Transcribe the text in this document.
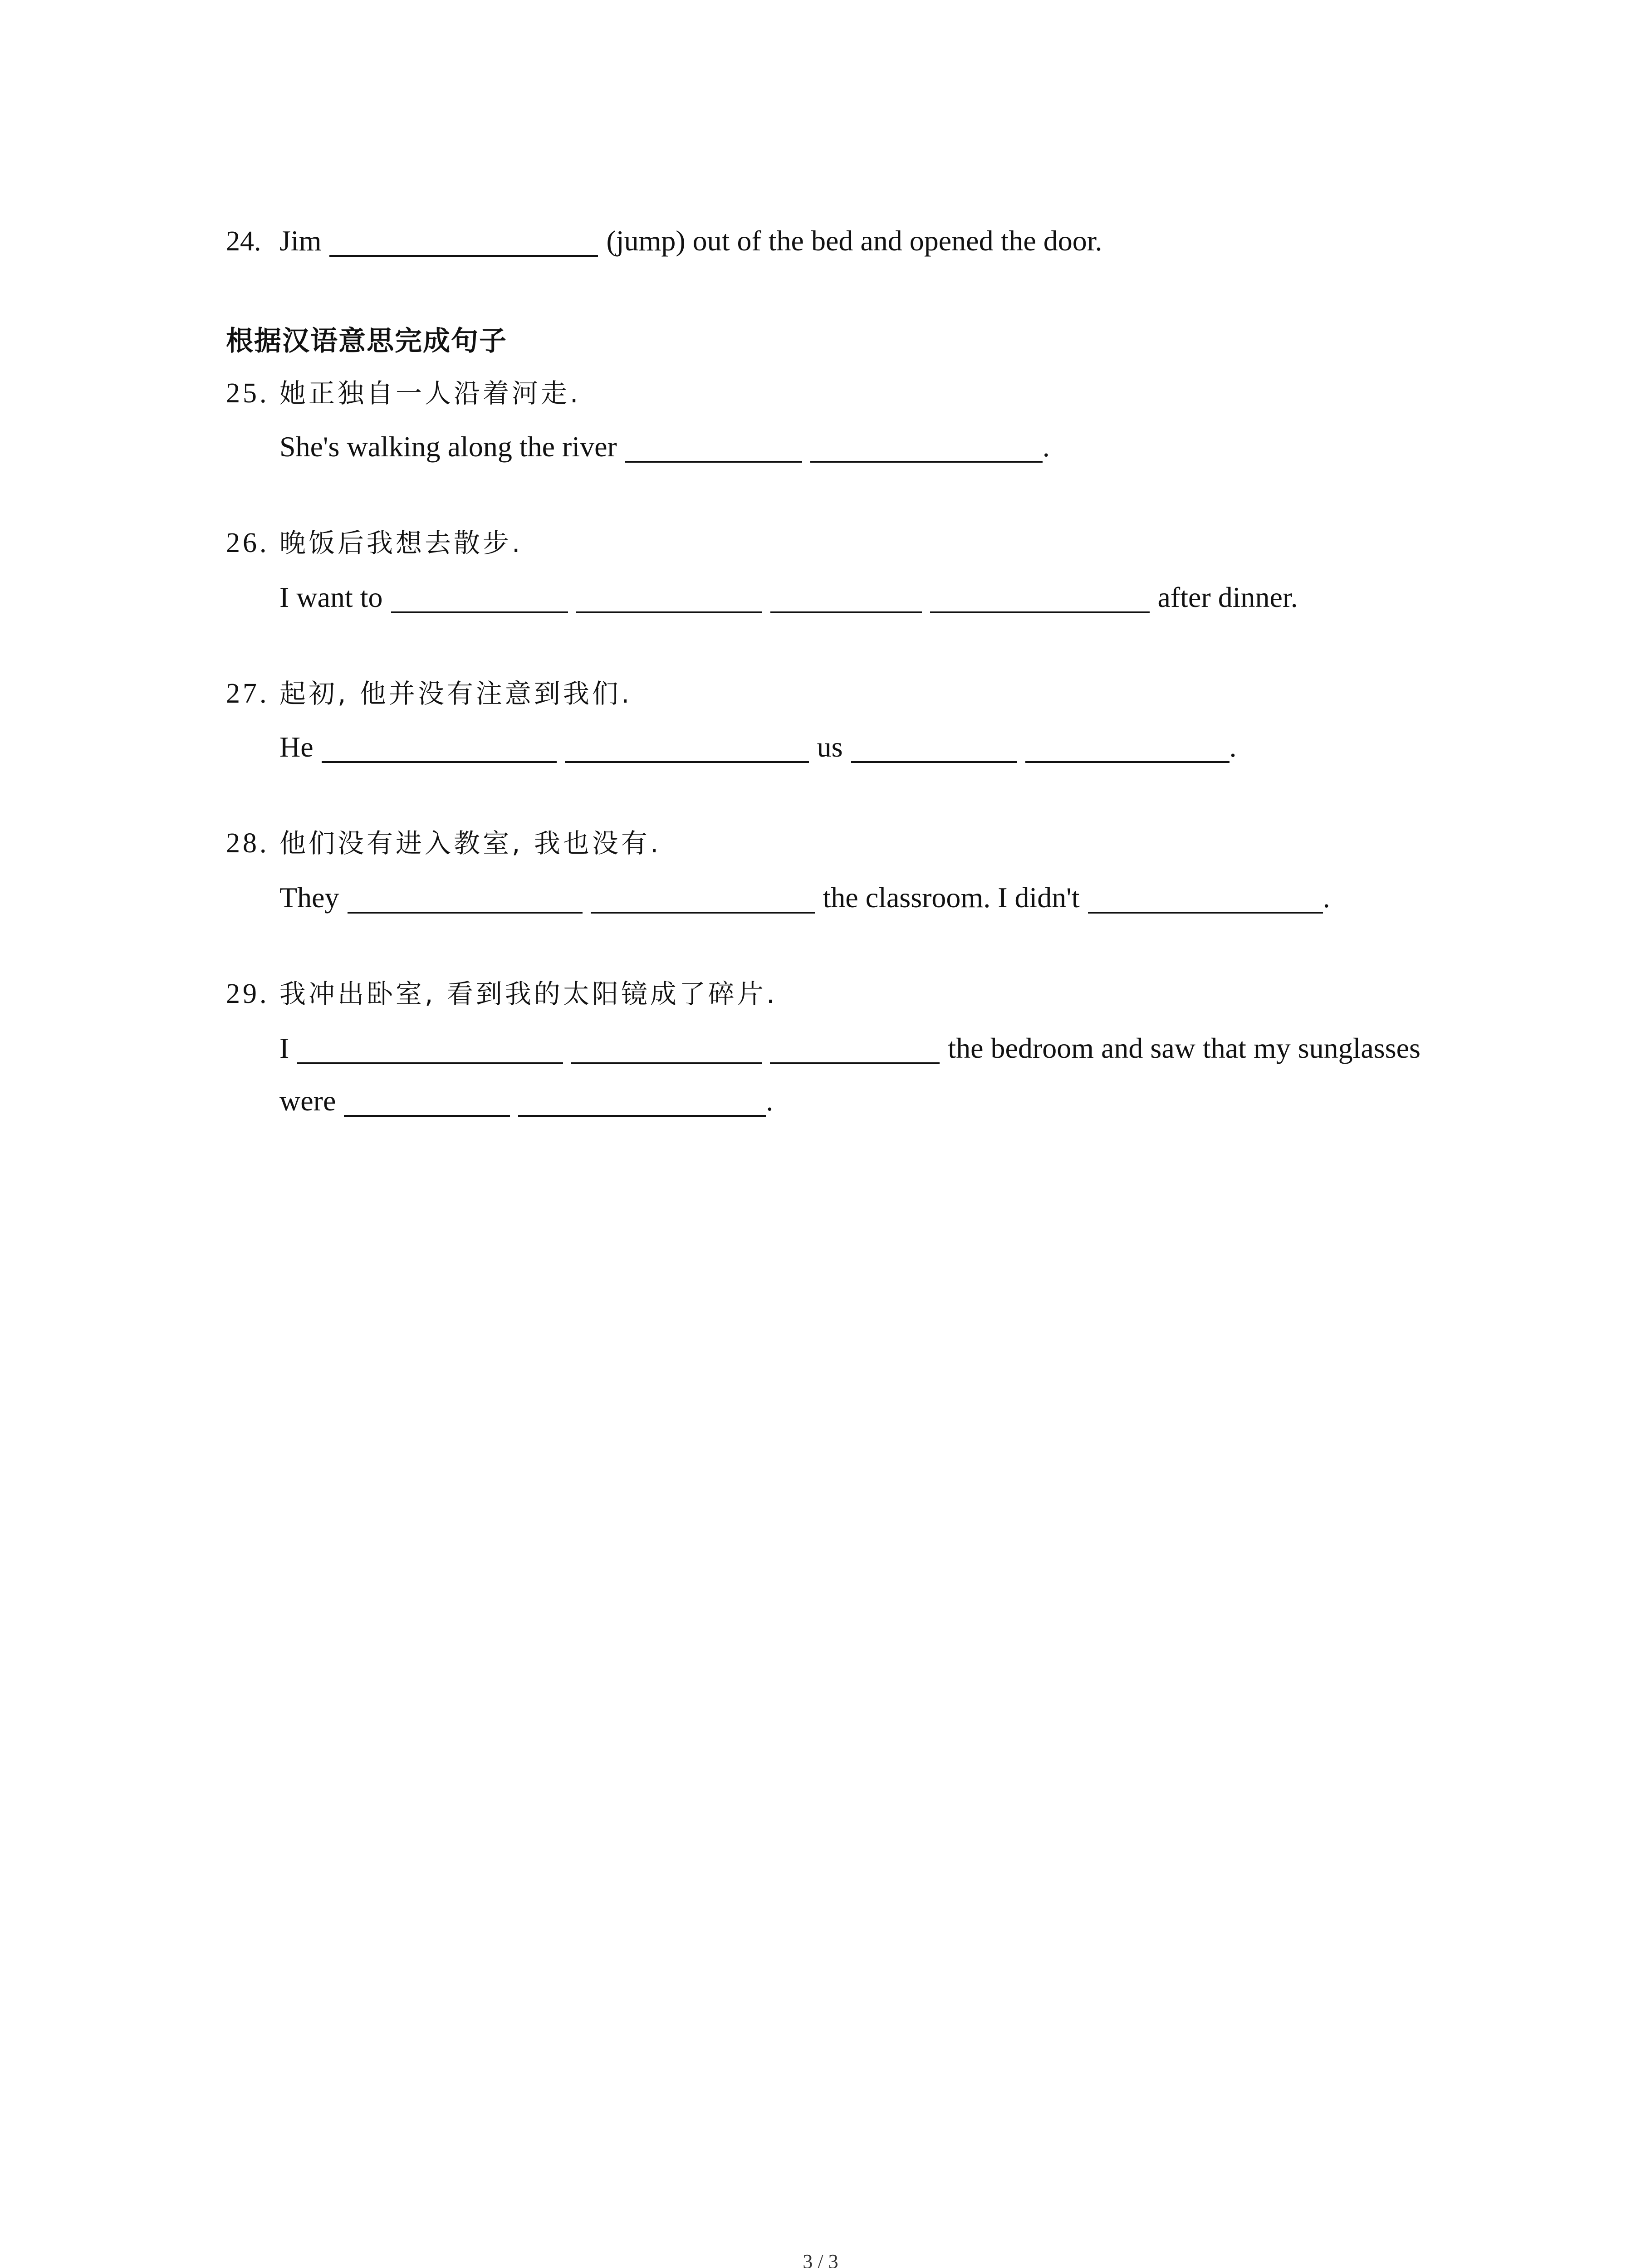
24. Jim	(jump) out of the bed and opened the door.
根据汉语意思完成句子
25. 她正独自一人沿着河走.
She's walking along the river	.
26. 晚饭后我想去散步.
I want to	after dinner.
27. 起初, 他并没有注意到我们.
He	us	.
28. 他们没有进入教室, 我也没有.
They	the classroom. I didn't	.
29. 我冲出卧室, 看到我的太阳镜成了碎片.
I	the bedroom and saw that my sunglasses
were	.
3 / 3
